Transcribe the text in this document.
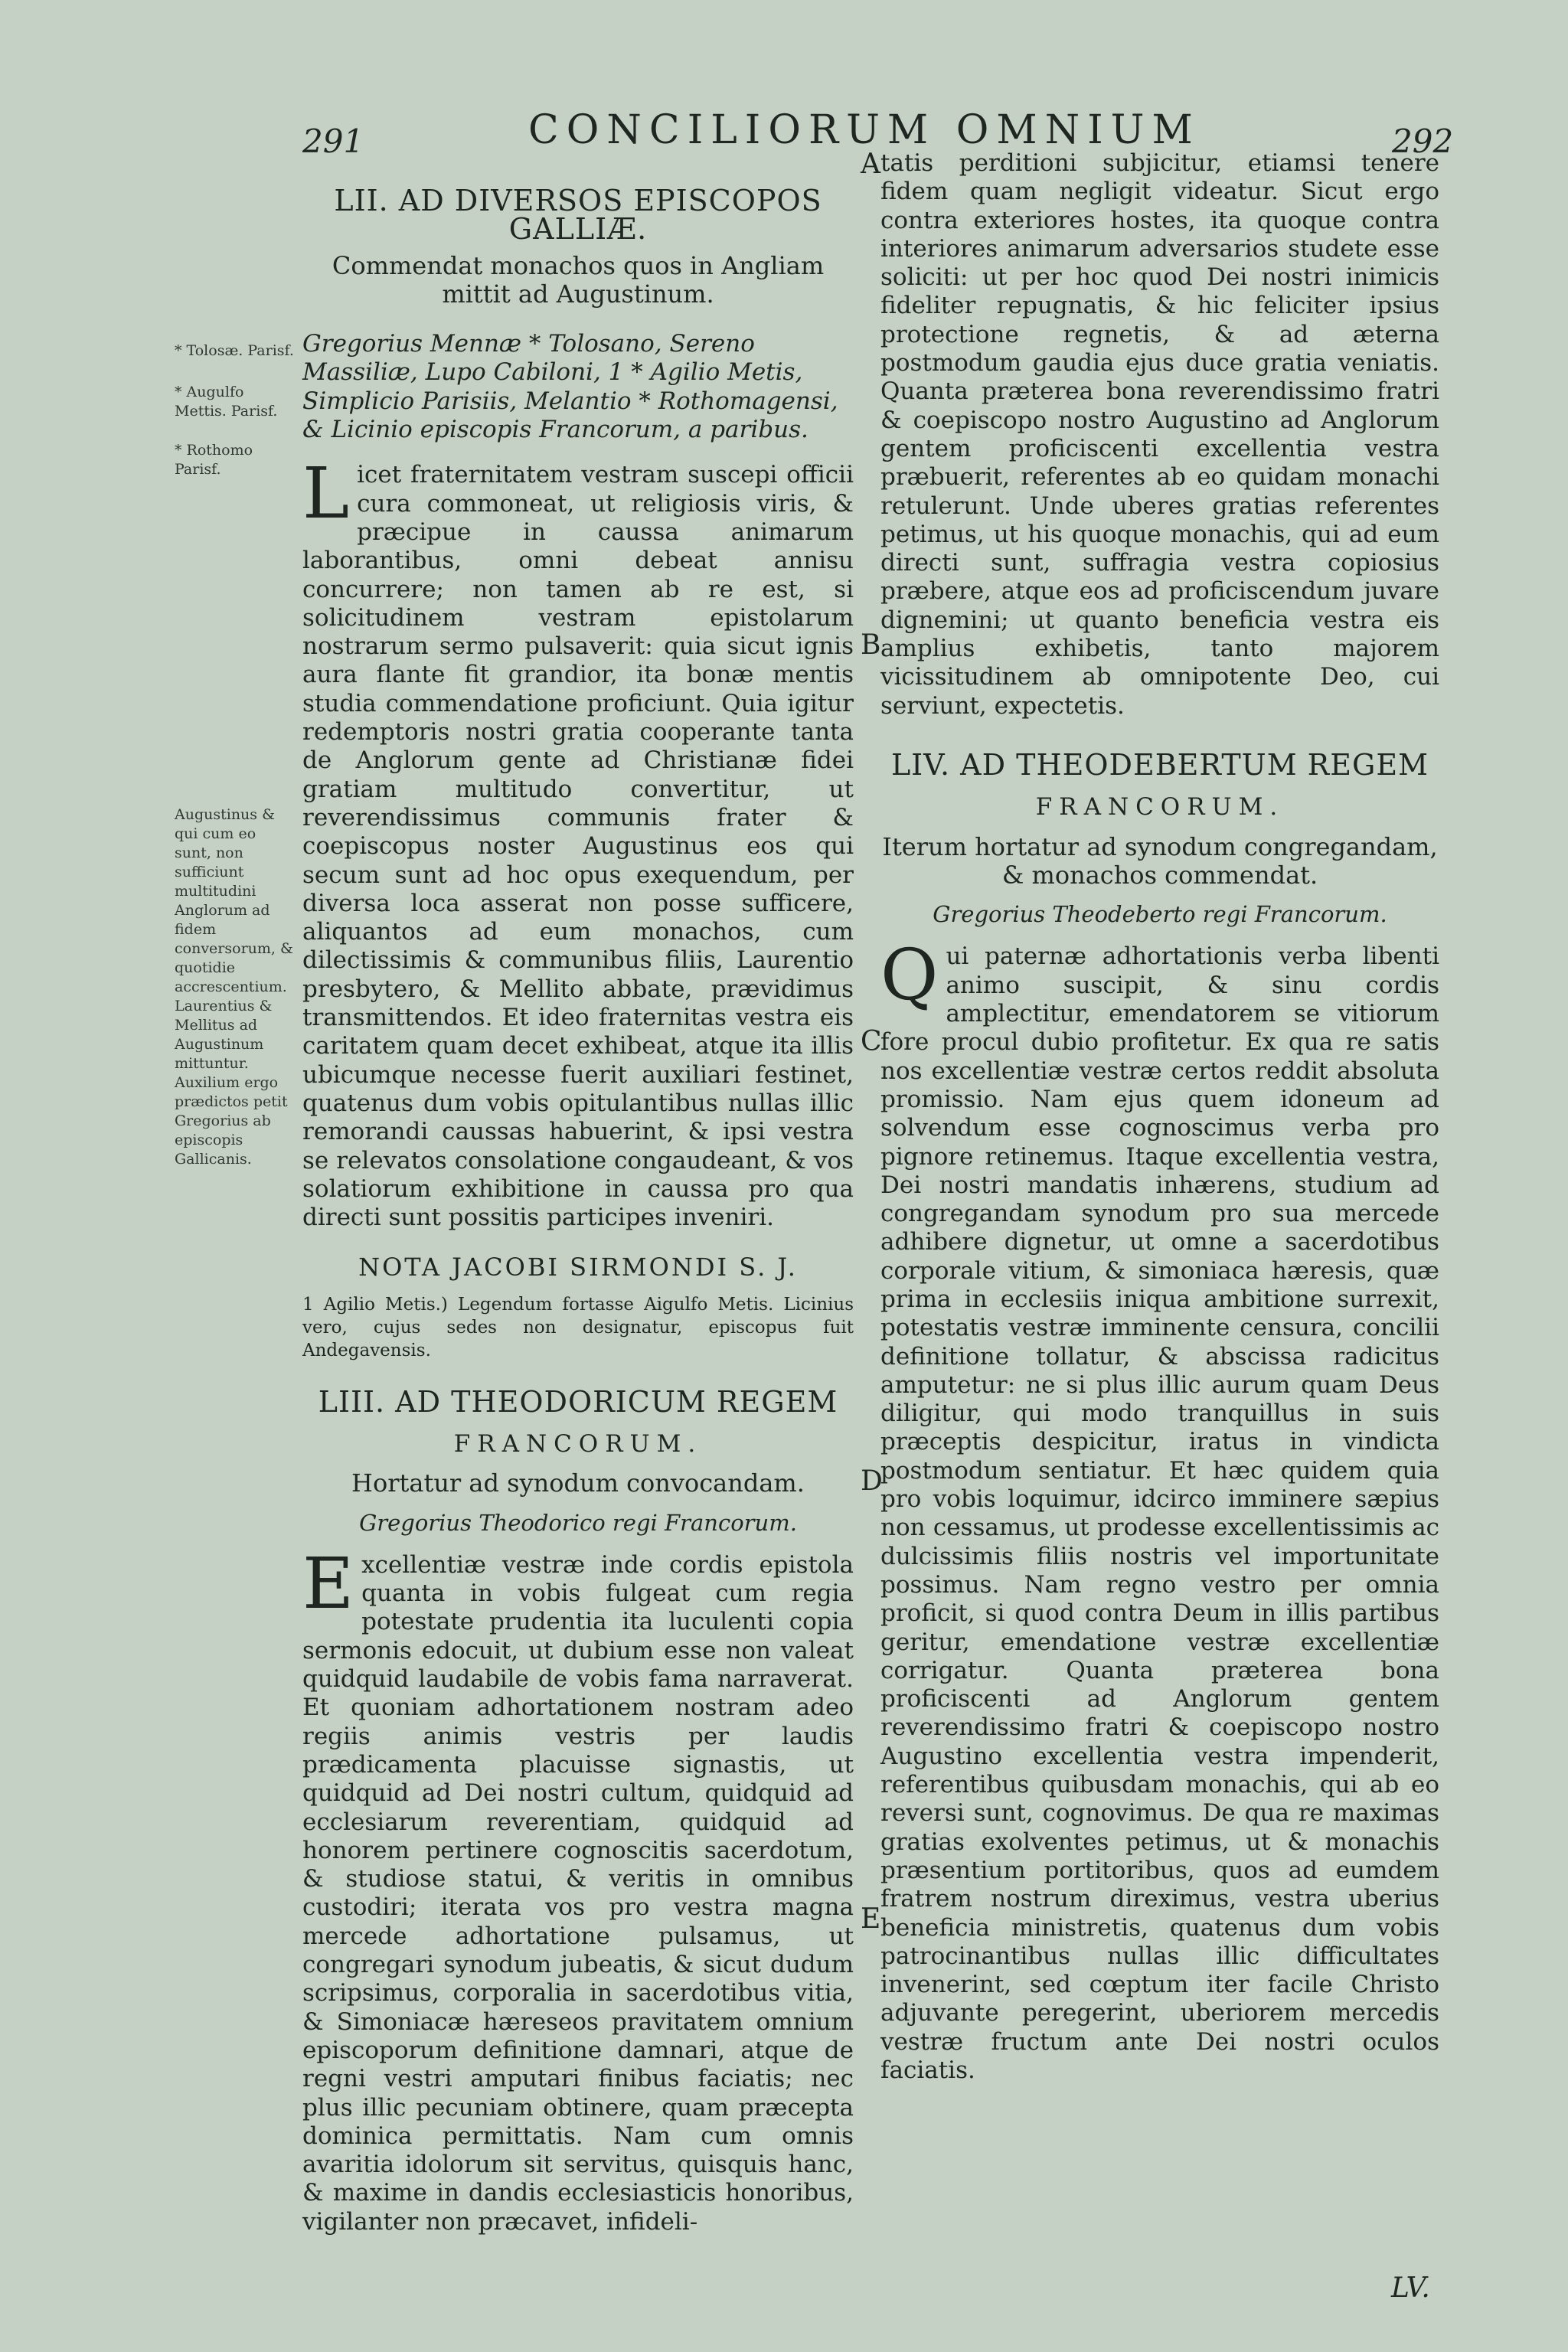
291	CONCILIORUM OMNIUM	292
* Tolosæ. Parisf.
* Augulfo Mettis. Parisf.
* Rothomo Parisf.
Augustinus & qui cum eo sunt, non sufficiunt multitudini Anglorum ad fidem conversorum, & quotidie accrescentium. Laurentius & Mellitus ad Augustinum mittuntur. Auxilium ergo prædictos petit Gregorius ab episcopis Gallicanis.
A
B
C
D
E
LII. AD DIVERSOS EPISCOPOS GALLIÆ.

Commendat monachos quos in Angliam mittit ad Augustinum.

Gregorius Mennæ * Tolosano, Sereno Massiliæ, Lupo Cabiloni, 1 * Agilio Metis, Simplicio Parisiis, Melantio * Rothomagensi, & Licinio episcopis Francorum, a paribus.

L icet fraternitatem vestram suscepi officii cura commoneat, ut religiosis viris, & præcipue in caussa animarum laborantibus, omni debeat annisu concurrere; non tamen ab re est, si solicitudinem vestram epistolarum nostrarum sermo pulsaverit: quia sicut ignis aura flante fit grandior, ita bonæ mentis studia commendatione proficiunt. Quia igitur redemptoris nostri gratia cooperante tanta de Anglorum gente ad Christianæ fidei gratiam multitudo convertitur, ut reverendissimus communis frater & coepiscopus noster Augustinus eos qui secum sunt ad hoc opus exequendum, per diversa loca asserat non posse sufficere, aliquantos ad eum monachos, cum dilectissimis & communibus filiis, Laurentio presbytero, & Mellito abbate, prævidimus transmittendos. Et ideo fraternitas vestra eis caritatem quam decet exhibeat, atque ita illis ubicumque necesse fuerit auxiliari festinet, quatenus dum vobis opitulantibus nullas illic remorandi caussas habuerint, & ipsi vestra se relevatos consolatione congaudeant, & vos solatiorum exhibitione in caussa pro qua directi sunt possitis participes inveniri.

NOTA JACOBI SIRMONDI S. J.

1 Agilio Metis.) Legendum fortasse Aigulfo Metis. Licinius vero, cujus sedes non designatur, episcopus fuit Andegavensis.

LIII. AD THEODORICUM REGEM
FRANCORUM.

Hortatur ad synodum convocandam.

Gregorius Theodorico regi Francorum.

E xcellentiæ vestræ inde cordis epistola quanta in vobis fulgeat cum regia potestate prudentia ita luculenti copia sermonis edocuit, ut dubium esse non valeat quidquid laudabile de vobis fama narraverat. Et quoniam adhortationem nostram adeo regiis animis vestris per laudis prædicamenta placuisse signastis, ut quidquid ad Dei nostri cultum, quidquid ad ecclesiarum reverentiam, quidquid ad honorem pertinere cognoscitis sacerdotum, & studiose statui, & veritis in omnibus custodiri; iterata vos pro vestra magna mercede adhortatione pulsamus, ut congregari synodum jubeatis, & sicut dudum scripsimus, corporalia in sacerdotibus vitia, & Simoniacæ hæreseos pravitatem omnium episcoporum definitione damnari, atque de regni vestri amputari finibus faciatis; nec plus illic pecuniam obtinere, quam præcepta dominica permittatis. Nam cum omnis avaritia idolorum sit servitus, quisquis hanc, & maxime in dandis ecclesiasticis honoribus, vigilanter non præcavet, infideli-

tatis perditioni subjicitur, etiamsi tenere fidem quam negligit videatur. Sicut ergo contra exteriores hostes, ita quoque contra interiores animarum adversarios studete esse soliciti: ut per hoc quod Dei nostri inimicis fideliter repugnatis, & hic feliciter ipsius protectione regnetis, & ad æterna postmodum gaudia ejus duce gratia veniatis. Quanta præterea bona reverendissimo fratri & coepiscopo nostro Augustino ad Anglorum gentem proficiscenti excellentia vestra præbuerit, referentes ab eo quidam monachi retulerunt. Unde uberes gratias referentes petimus, ut his quoque monachis, qui ad eum directi sunt, suffragia vestra copiosius præbere, atque eos ad proficiscendum juvare dignemini; ut quanto beneficia vestra eis amplius exhibetis, tanto majorem vicissitudinem ab omnipotente Deo, cui serviunt, expectetis.

LIV. AD THEODEBERTUM REGEM
FRANCORUM.

Iterum hortatur ad synodum congregandam, & monachos commendat.

Gregorius Theodeberto regi Francorum.

Q ui paternæ adhortationis verba libenti animo suscipit, & sinu cordis amplectitur, emendatorem se vitiorum fore procul dubio profitetur. Ex qua re satis nos excellentiæ vestræ certos reddit absoluta promissio. Nam ejus quem idoneum ad solvendum esse cognoscimus verba pro pignore retinemus. Itaque excellentia vestra, Dei nostri mandatis inhærens, studium ad congregandam synodum pro sua mercede adhibere dignetur, ut omne a sacerdotibus corporale vitium, & simoniaca hæresis, quæ prima in ecclesiis iniqua ambitione surrexit, potestatis vestræ imminente censura, concilii definitione tollatur, & abscissa radicitus amputetur: ne si plus illic aurum quam Deus diligitur, qui modo tranquillus in suis præceptis despicitur, iratus in vindicta postmodum sentiatur. Et hæc quidem quia pro vobis loquimur, idcirco imminere sæpius non cessamus, ut prodesse excellentissimis ac dulcissimis filiis nostris vel importunitate possimus. Nam regno vestro per omnia proficit, si quod contra Deum in illis partibus geritur, emendatione vestræ excellentiæ corrigatur. Quanta præterea bona proficiscenti ad Anglorum gentem reverendissimo fratri & coepiscopo nostro Augustino excellentia vestra impenderit, referentibus quibusdam monachis, qui ab eo reversi sunt, cognovimus. De qua re maximas gratias exolventes petimus, ut & monachis præsentium portitoribus, quos ad eumdem fratrem nostrum direximus, vestra uberius beneficia ministretis, quatenus dum vobis patrocinantibus nullas illic difficultates invenerint, sed cœptum iter facile Christo adjuvante peregerint, uberiorem mercedis vestræ fructum ante Dei nostri oculos faciatis.

LV.
